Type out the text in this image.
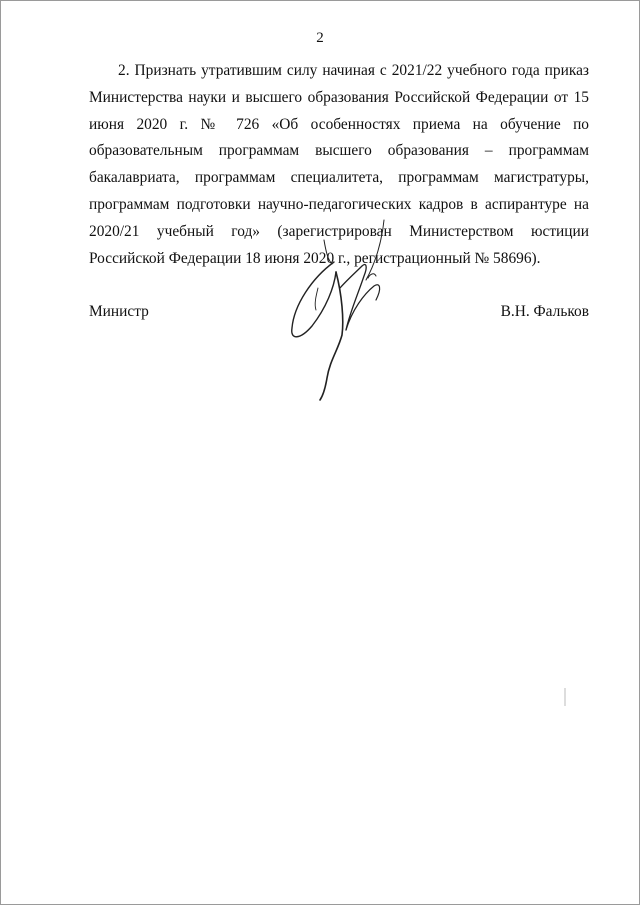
2

2. Признать утратившим силу начиная с 2021/22 учебного года приказ Министерства науки и высшего образования Российской Федерации от 15 июня 2020 г. № 726 «Об особенностях приема на обучение по образовательным программам высшего образования – программам бакалавриата, программам специалитета, программам магистратуры, программам подготовки научно-педагогических кадров в аспирантуре на 2020/21 учебный год» (зарегистрирован Министерством юстиции Российской Федерации 18 июня 2020 г., регистрационный № 58696).

Министр	В.Н. Фальков
